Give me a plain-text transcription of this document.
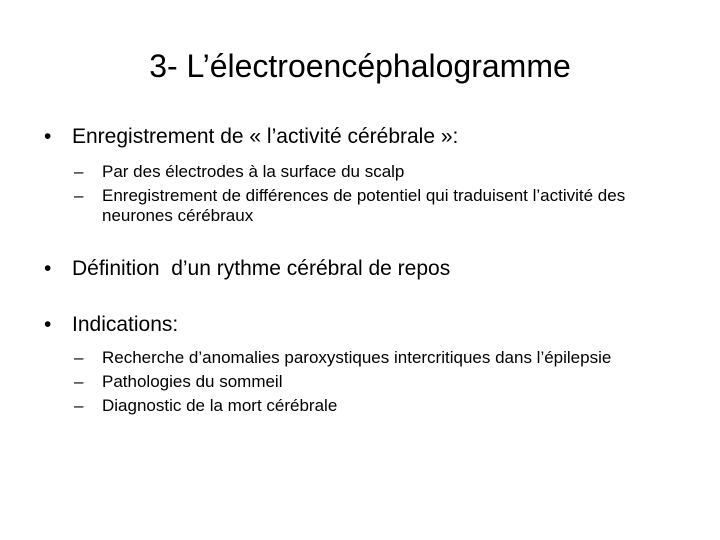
3- L’électroencéphalogramme
• Enregistrement de « l’activité cérébrale »:
– Par des électrodes à la surface du scalp
– Enregistrement de différences de potentiel qui traduisent l’activité des neurones cérébraux
• Définition  d’un rythme cérébral de repos
• Indications:
– Recherche d’anomalies paroxystiques intercritiques dans l’épilepsie
– Pathologies du sommeil
– Diagnostic de la mort cérébrale
